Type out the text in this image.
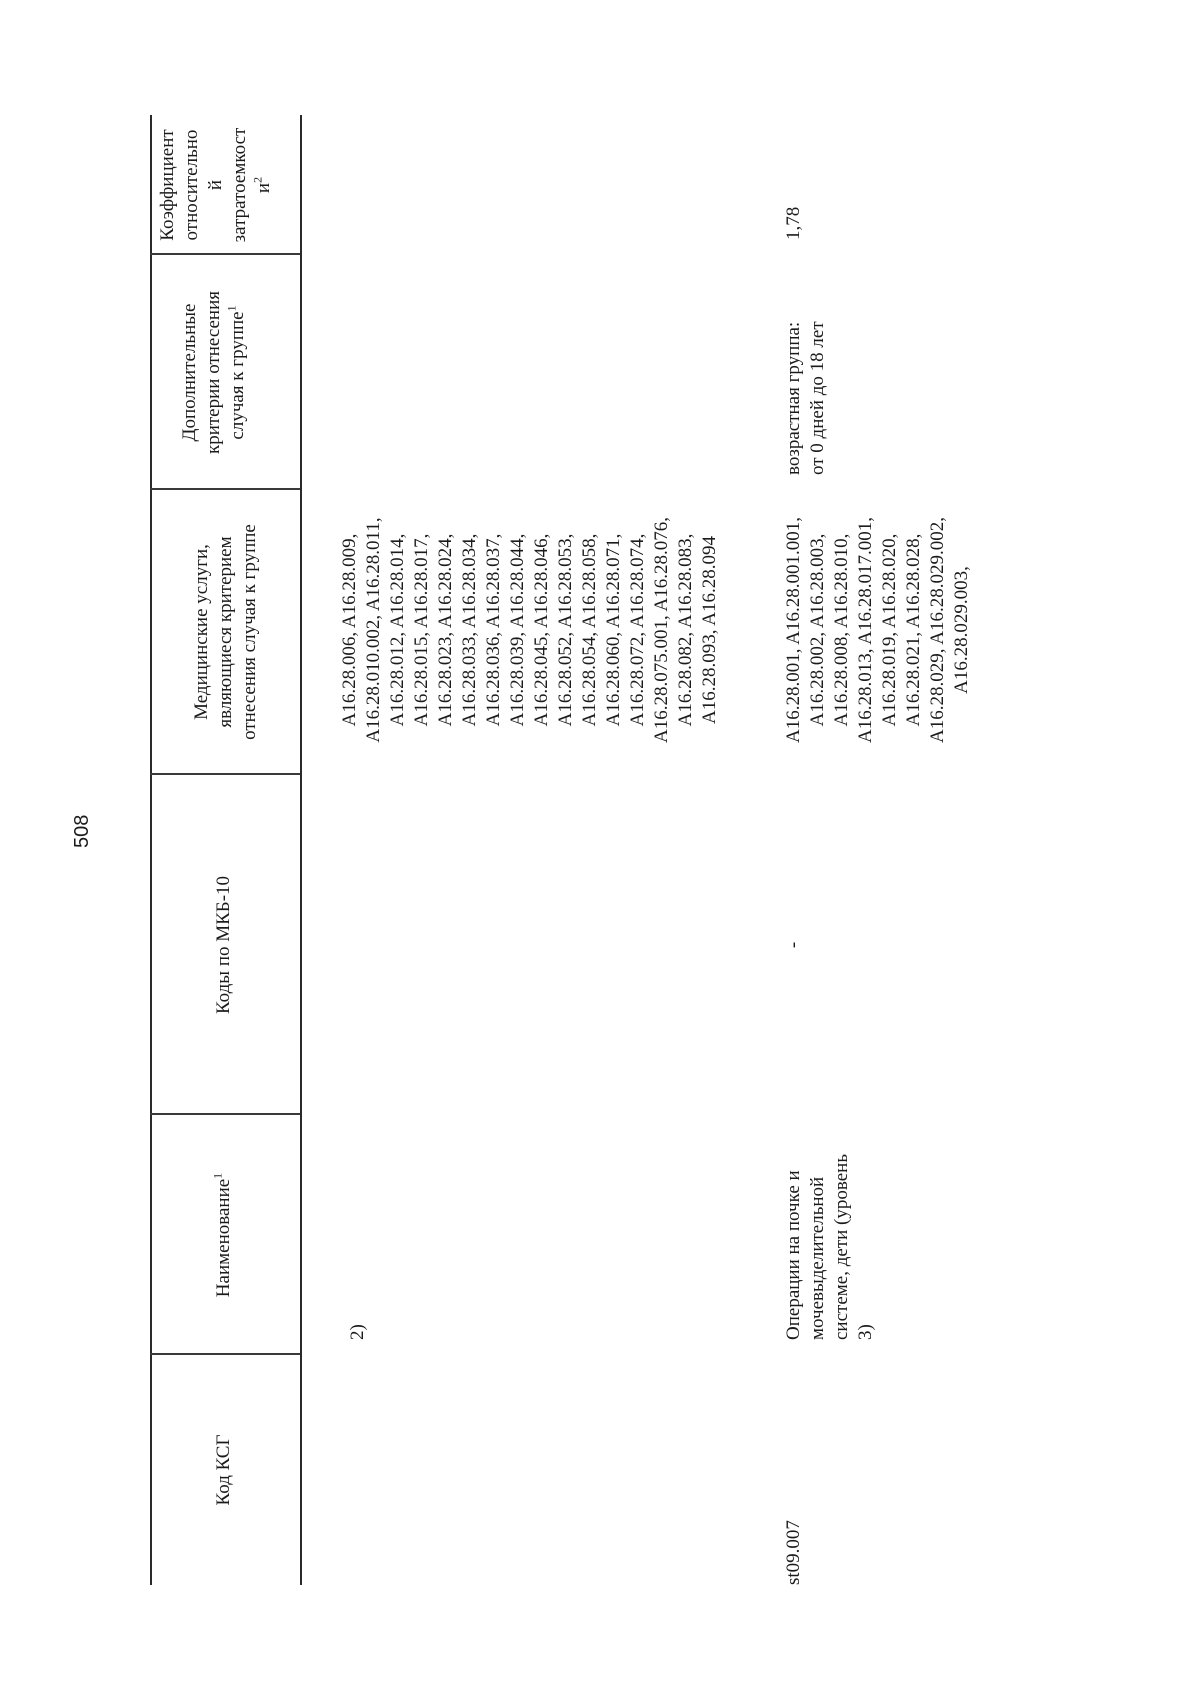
508
Код КСГ
Наименование$^1$
Коды по МКБ-10
Медицинские услуги, являющиеся критерием отнесения случая к группе
Дополнительные критерии отнесения случая к группе$^1$
Коэффициент относительно й затратоемкост $и^2$
2)
A16.28.006, A16.28.009, A16.28.010.002, A16.28.011, A16.28.012, A16.28.014, A16.28.015, A16.28.017, A16.28.023, A16.28.024, A16.28.033, A16.28.034, A16.28.036, A16.28.037, A16.28.039, A16.28.044, A16.28.045, A16.28.046, A16.28.052, A16.28.053, A16.28.054, A16.28.058, A16.28.060, A16.28.071, A16.28.072, A16.28.074, A16.28.075.001, A16.28.076, A16.28.082, A16.28.083, A16.28.093, A16.28.094
st09.007
Операции на почке и мочевыделительной системе, дети (уровень 3)
-
A16.28.001, A16.28.001.001, A16.28.002, A16.28.003, A16.28.008, A16.28.010, A16.28.013, A16.28.017.001, A16.28.019, A16.28.020, A16.28.021, A16.28.028, A16.28.029, A16.28.029.002, A16.28.029.003,
возрастная группа: от 0 дней до 18 лет
1,78
